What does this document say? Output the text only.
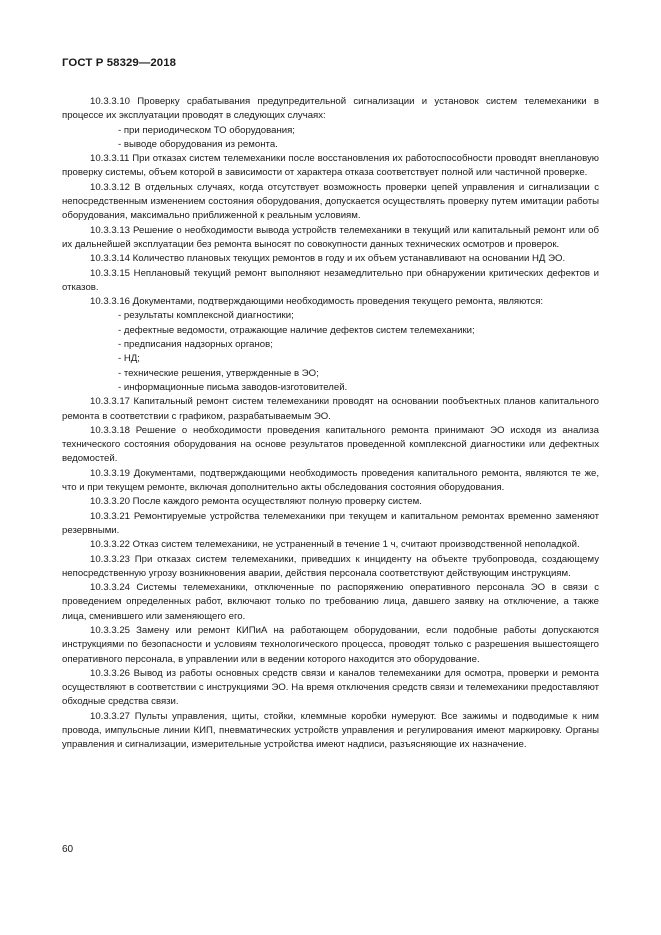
ГОСТ Р 58329—2018

10.3.3.10 Проверку срабатывания предупредительной сигнализации и установок систем телемеханики в процессе их эксплуатации проводят в следующих случаях:

- при периодическом ТО оборудования;

- выводе оборудования из ремонта.

10.3.3.11 При отказах систем телемеханики после восстановления их работоспособности проводят внеплановую проверку системы, объем которой в зависимости от характера отказа соответствует полной или частичной проверке.

10.3.3.12 В отдельных случаях, когда отсутствует возможность проверки цепей управления и сигнализации с непосредственным изменением состояния оборудования, допускается осуществлять проверку путем имитации работы оборудования, максимально приближенной к реальным условиям.

10.3.3.13 Решение о необходимости вывода устройств телемеханики в текущий или капитальный ремонт или об их дальнейшей эксплуатации без ремонта выносят по совокупности данных технических осмотров и проверок.

10.3.3.14 Количество плановых текущих ремонтов в году и их объем устанавливают на основании НД ЭО.

10.3.3.15 Неплановый текущий ремонт выполняют незамедлительно при обнаружении критических дефектов и отказов.

10.3.3.16 Документами, подтверждающими необходимость проведения текущего ремонта, являются:

- результаты комплексной диагностики;

- дефектные ведомости, отражающие наличие дефектов систем телемеханики;

- предписания надзорных органов;

- НД;

- технические решения, утвержденные в ЭО;

- информационные письма заводов-изготовителей.

10.3.3.17 Капитальный ремонт систем телемеханики проводят на основании пообъектных планов капитального ремонта в соответствии с графиком, разрабатываемым ЭО.

10.3.3.18 Решение о необходимости проведения капитального ремонта принимают ЭО исходя из анализа технического состояния оборудования на основе результатов проведенной комплексной диагностики или дефектных ведомостей.

10.3.3.19 Документами, подтверждающими необходимость проведения капитального ремонта, являются те же, что и при текущем ремонте, включая дополнительно акты обследования состояния оборудования.

10.3.3.20 После каждого ремонта осуществляют полную проверку систем.

10.3.3.21 Ремонтируемые устройства телемеханики при текущем и капитальном ремонтах временно заменяют резервными.

10.3.3.22 Отказ систем телемеханики, не устраненный в течение 1 ч, считают производственной неполадкой.

10.3.3.23 При отказах систем телемеханики, приведших к инциденту на объекте трубопровода, создающему непосредственную угрозу возникновения аварии, действия персонала соответствуют действующим инструкциям.

10.3.3.24 Системы телемеханики, отключенные по распоряжению оперативного персонала ЭО в связи с проведением определенных работ, включают только по требованию лица, давшего заявку на отключение, а также лица, сменившего или заменяющего его.

10.3.3.25 Замену или ремонт КИПиА на работающем оборудовании, если подобные работы допускаются инструкциями по безопасности и условиям технологического процесса, проводят только с разрешения вышестоящего оперативного персонала, в управлении или в ведении которого находится это оборудование.

10.3.3.26 Вывод из работы основных средств связи и каналов телемеханики для осмотра, проверки и ремонта осуществляют в соответствии с инструкциями ЭО. На время отключения средств связи и телемеханики предоставляют обходные средства связи.

10.3.3.27 Пульты управления, щиты, стойки, клеммные коробки нумеруют. Все зажимы и подводимые к ним провода, импульсные линии КИП, пневматических устройств управления и регулирования имеют маркировку. Органы управления и сигнализации, измерительные устройства имеют надписи, разъясняющие их назначение.

60
